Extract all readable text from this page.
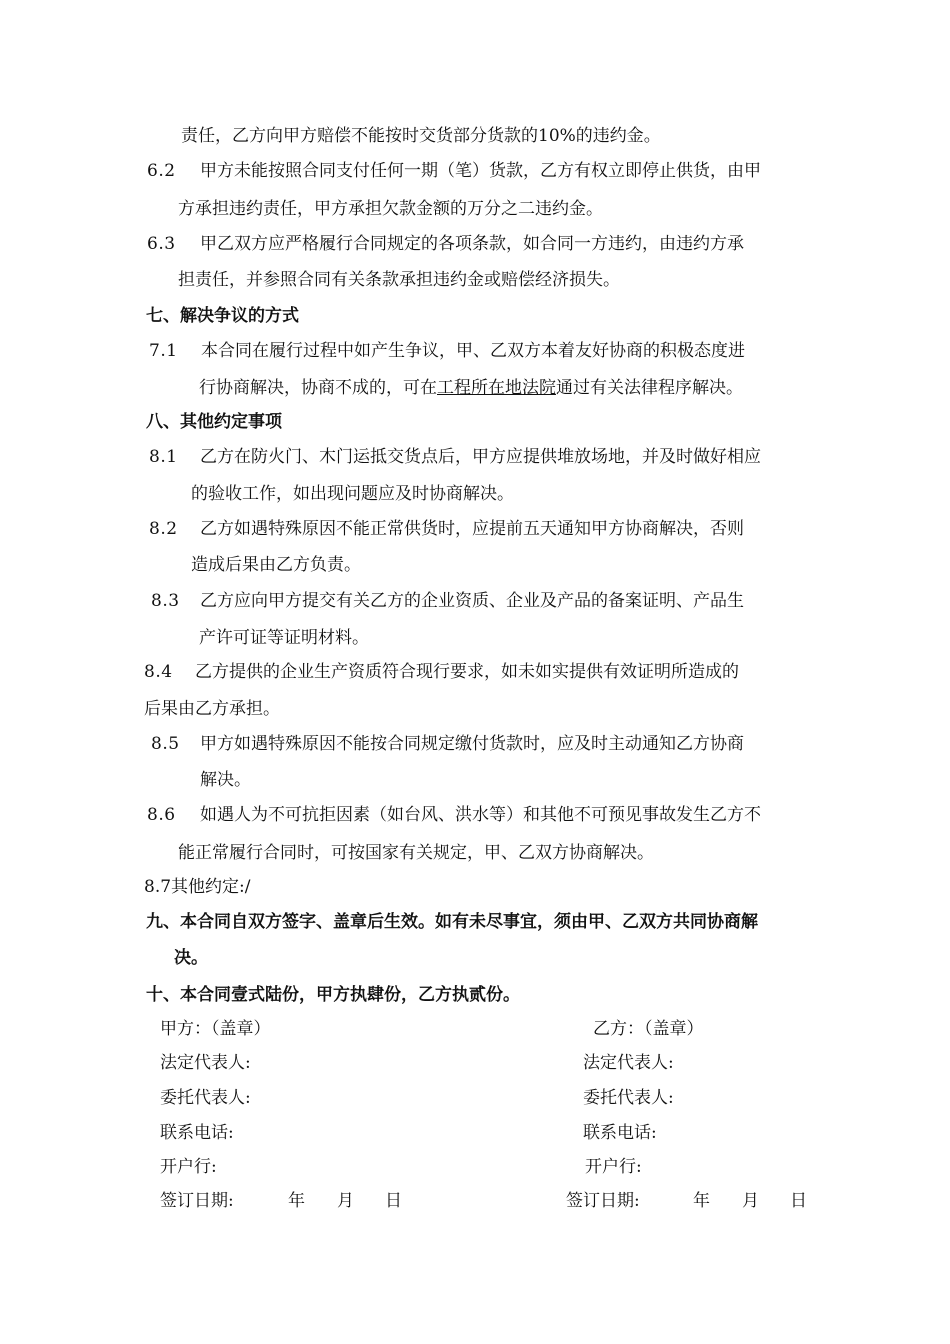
责任，乙方向甲方赔偿不能按时交货部分货款的10%的违约金。
6.2 甲方未能按照合同支付任何一期（笔）货款，乙方有权立即停止供货，由甲
方承担违约责任，甲方承担欠款金额的万分之二违约金。
6.3 甲乙双方应严格履行合同规定的各项条款，如合同一方违约，由违约方承
担责任，并参照合同有关条款承担违约金或赔偿经济损失。
七、解决争议的方式
7.1 本合同在履行过程中如产生争议，甲、乙双方本着友好协商的积极态度进
行协商解决，协商不成的，可在工程所在地法院通过有关法律程序解决。
八、其他约定事项
8.1 乙方在防火门、木门运抵交货点后，甲方应提供堆放场地，并及时做好相应
的验收工作，如出现问题应及时协商解决。
8.2 乙方如遇特殊原因不能正常供货时，应提前五天通知甲方协商解决，否则
造成后果由乙方负责。
8.3 乙方应向甲方提交有关乙方的企业资质、企业及产品的备案证明、产品生
产许可证等证明材料。
8.4 乙方提供的企业生产资质符合现行要求，如未如实提供有效证明所造成的
后果由乙方承担。
8.5 甲方如遇特殊原因不能按合同规定缴付货款时，应及时主动通知乙方协商
解决。
8.6 如遇人为不可抗拒因素（如台风、洪水等）和其他不可预见事故发生乙方不
能正常履行合同时，可按国家有关规定，甲、乙双方协商解决。
8.7其他约定:/
九、本合同自双方签字、盖章后生效。如有未尽事宜，须由甲、乙双方共同协商解
决。
十、本合同壹式陆份，甲方执肆份，乙方执贰份。
甲方：（盖章）
法定代表人:
委托代表人:
联系电话:
开户行:
签订日期:	年 月 日
乙方：（盖章）
法定代表人:
委托代表人:
联系电话:
开户行:
签订日期:	年 月 日
